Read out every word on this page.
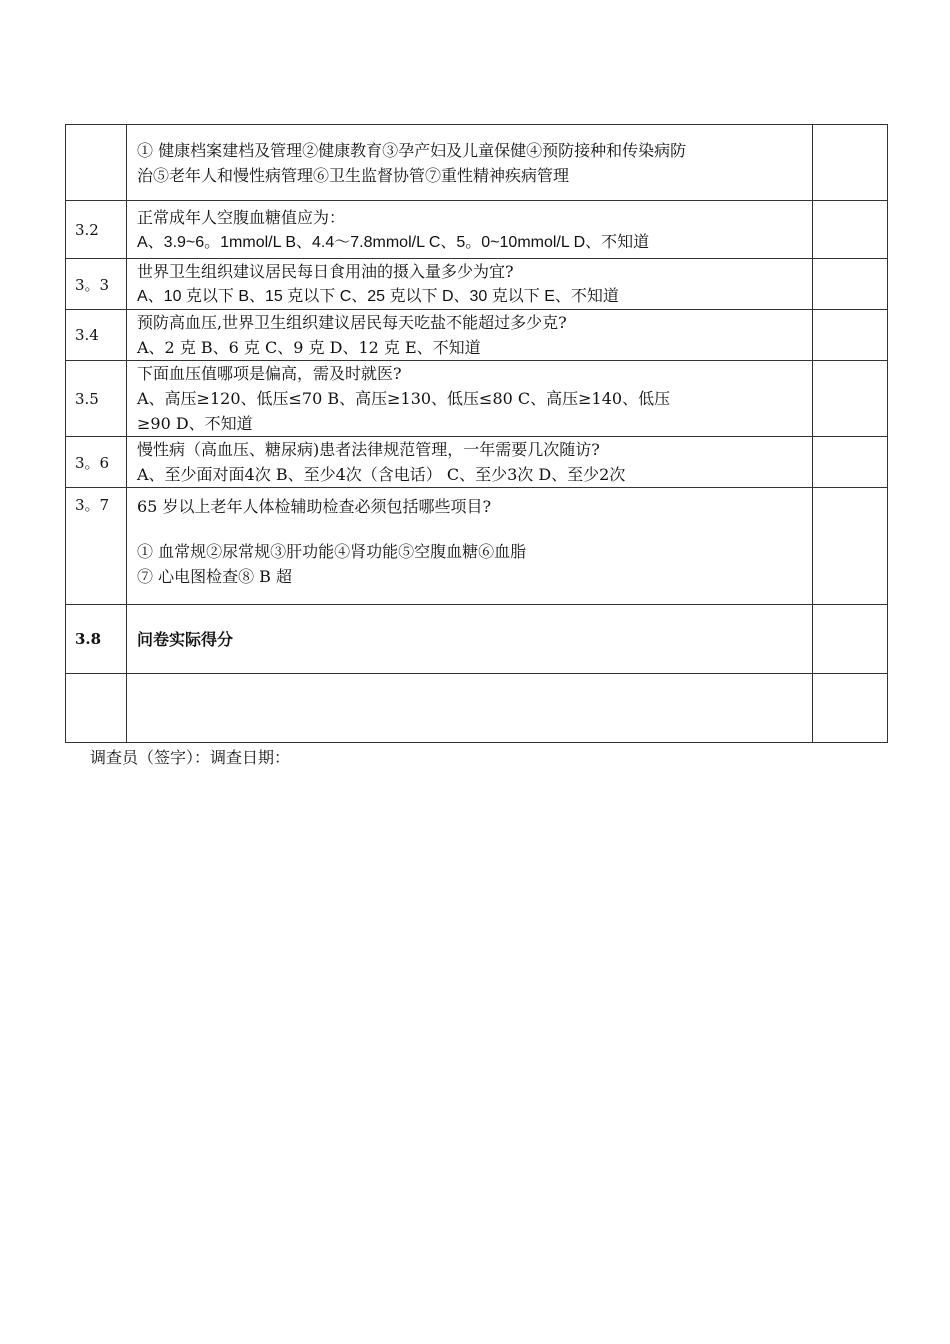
	① 健康档案建档及管理②健康教育③孕产妇及儿童保健④预防接种和传染病防
治⑤老年人和慢性病管理⑥卫生监督协管⑦重性精神疾病管理	

3.2	正常成年人空腹血糖值应为：
A、3.9~6。1mmol/L B、4.4～7.8mmol/L C、5。0~10mmol/L D、不知道	

3。3	世界卫生组织建议居民每日食用油的摄入量多少为宜?
A、10 克以下 B、15 克以下 C、25 克以下 D、30 克以下 E、不知道	

3.4	预防高血压,世界卫生组织建议居民每天吃盐不能超过多少克?
A、2 克 B、6 克 C、9 克 D、12 克 E、不知道	

3.5	下面血压值哪项是偏高，需及时就医?
A、高压≥120、低压≤70 B、高压≥130、低压≤80 C、高压≥140、低压
≥90 D、不知道	

3。6	慢性病（高血压、糖尿病)患者法律规范管理，一年需要几次随访?
A、至少面对面4次 B、至少4次（含电话） C、至少3次 D、至少2次	

3。7	65 岁以上老年人体检辅助检查必须包括哪些项目?
① 血常规②尿常规③肝功能④肾功能⑤空腹血糖⑥血脂
⑦ 心电图检查⑧ B 超	

3.8	问卷实际得分	

调查员（签字）：调查日期：
